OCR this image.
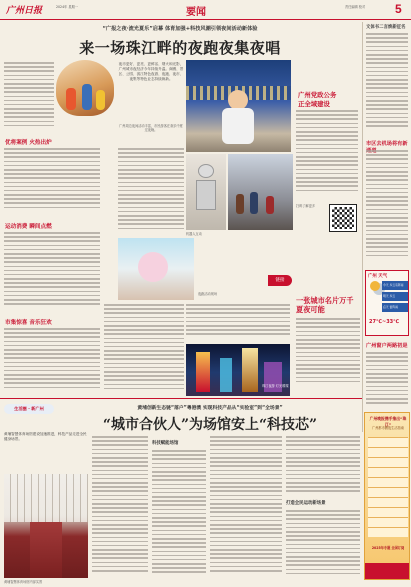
广州日报	2024年 星期一	要闻	责任编辑 校对	5
“广报之夜·流光夏乐”启幕 体育加强+科技风潮引领夜间活动新体验
来一场珠江畔的夜跑夜集夜唱
优将案例 火热出炉
运动消费 瞬间点燃
市集惊喜 音乐狂欢
夜市更好、更亮、更鲜活、烟火和光影，广州城市夜经济今年持续升温。商圈、景区、公园、滨江特色夜游、夜跑、夜市、夜集等特色业态持续焕新。
广州党政公务
正全域建设
机器人互动
广州周边夜间活动丰富，市民游客在欢乐中度过夜晚。
扫码了解更多
夜跑活动现场
链接
一张城市名片万千夏夜可能
珠江夜游 灯光璀璨
文体书二言焕新征名
市区去机场将有新
广州 天气
今天 多云有阵雨
明天 多云
后天 雷阵雨
27℃~33℃
广州窗户两路初是
广州晚报携手推出“珠江”
广州都市圈夜生活指南
2025年专题 全国订阅
生活圈 · 新广州	黄埔创新生态链“落户”粤港澳 实现科技产品从“实验室”到“全场景”
“城市合伙人”为场馆安上“科技芯”
黄埔智慧体育场馆建设加速推进，科技产品走进全民健身场景。
黄埔智慧体育场馆内部实景
科技赋能场馆
打造全民运动新场景
